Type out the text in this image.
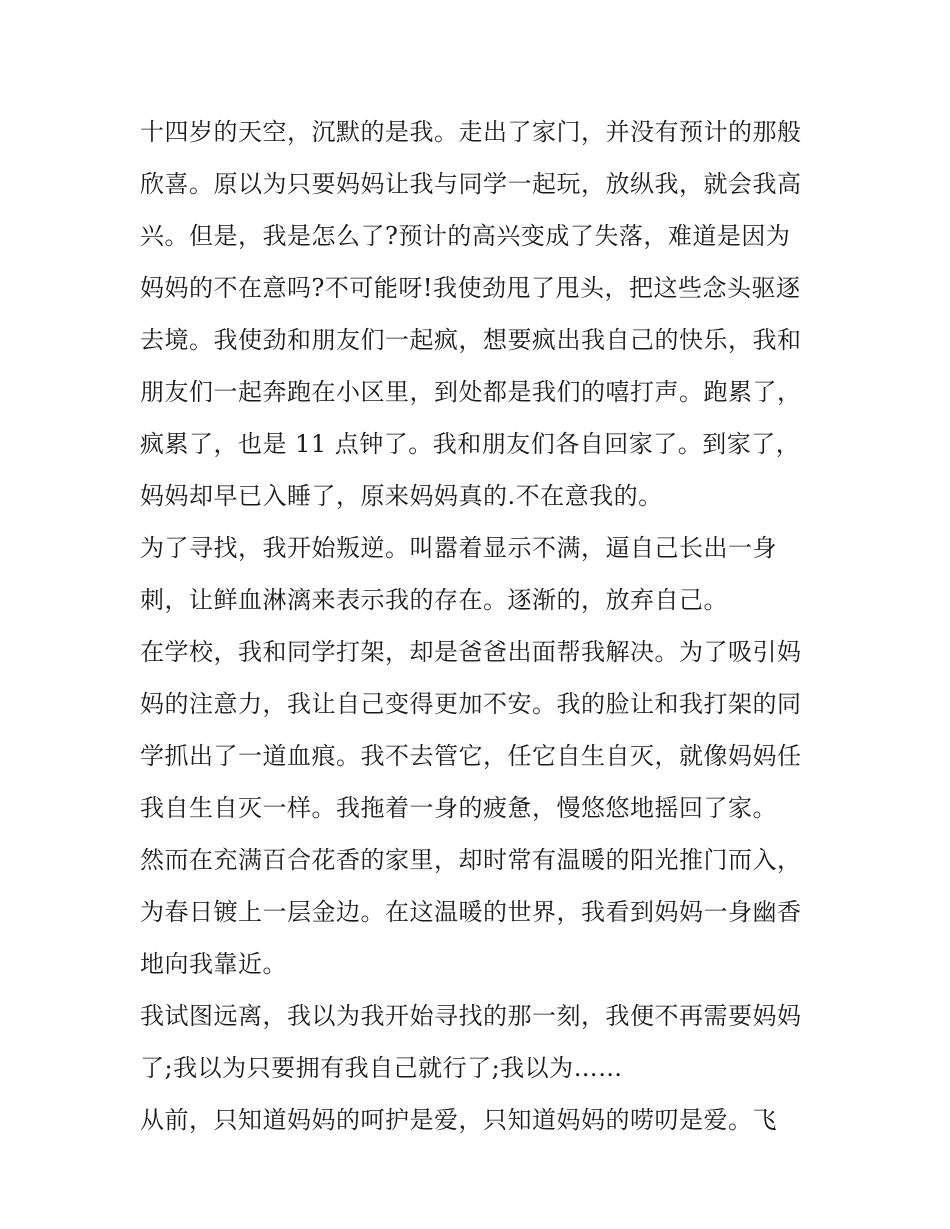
十四岁的天空，沉默的是我。走出了家门，并没有预计的那般
欣喜。原以为只要妈妈让我与同学一起玩，放纵我，就会我高
兴。但是，我是怎么了?预计的高兴变成了失落，难道是因为
妈妈的不在意吗?不可能呀!我使劲甩了甩头，把这些念头驱逐
去境。我使劲和朋友们一起疯，想要疯出我自己的快乐，我和
朋友们一起奔跑在小区里，到处都是我们的嘻打声。跑累了，
疯累了，也是 11 点钟了。我和朋友们各自回家了。到家了，
妈妈却早已入睡了，原来妈妈真的.不在意我的。
为了寻找，我开始叛逆。叫嚣着显示不满，逼自己长出一身
刺，让鲜血淋漓来表示我的存在。逐渐的，放弃自己。
在学校，我和同学打架，却是爸爸出面帮我解决。为了吸引妈
妈的注意力，我让自己变得更加不安。我的脸让和我打架的同
学抓出了一道血痕。我不去管它，任它自生自灭，就像妈妈任
我自生自灭一样。我拖着一身的疲惫，慢悠悠地摇回了家。
然而在充满百合花香的家里，却时常有温暖的阳光推门而入，
为春日镀上一层金边。在这温暖的世界，我看到妈妈一身幽香
地向我靠近。
我试图远离，我以为我开始寻找的那一刻，我便不再需要妈妈
了;我以为只要拥有我自己就行了;我以为……
从前，只知道妈妈的呵护是爱，只知道妈妈的唠叨是爱。飞
